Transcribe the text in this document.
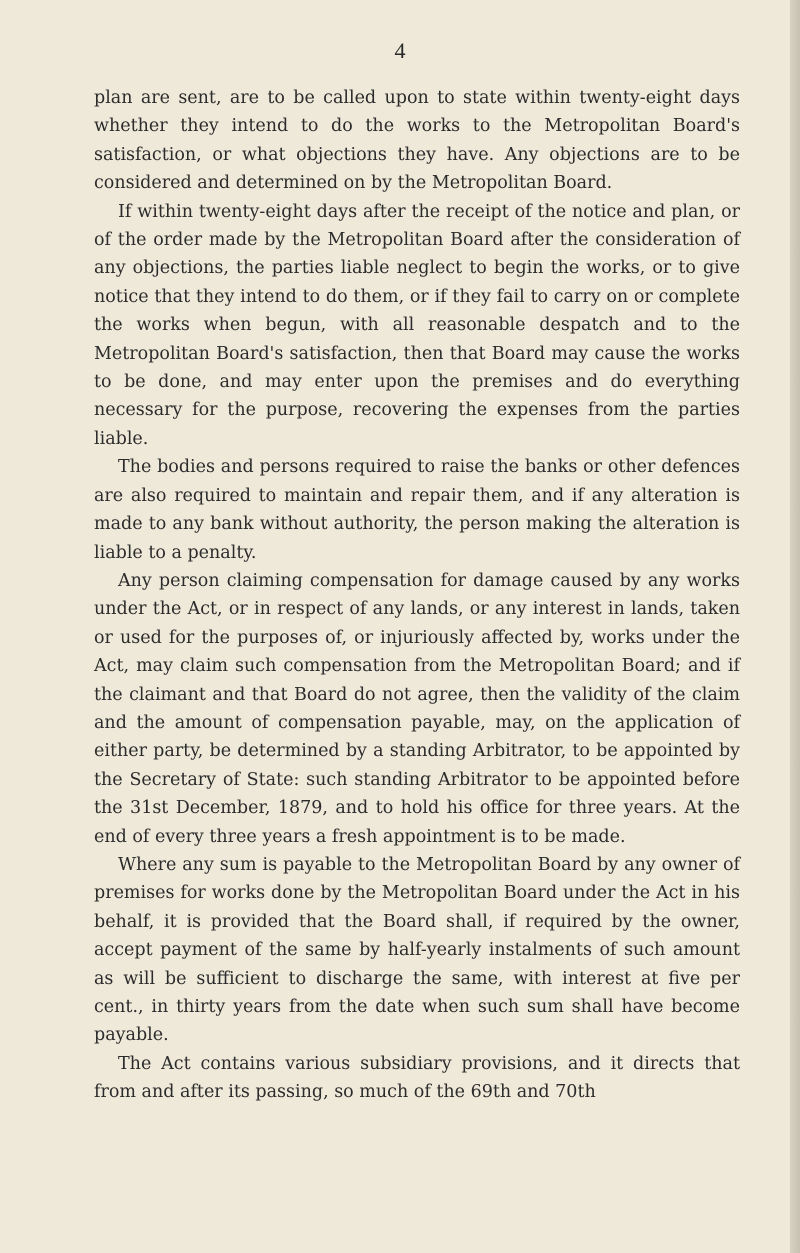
4

plan are sent, are to be called upon to state within twenty-eight days whether they intend to do the works to the Metropolitan Board's satisfaction, or what objections they have. Any objections are to be considered and determined on by the Metropolitan Board.

If within twenty-eight days after the receipt of the notice and plan, or of the order made by the Metropolitan Board after the consideration of any objections, the parties liable neglect to begin the works, or to give notice that they intend to do them, or if they fail to carry on or complete the works when begun, with all reasonable despatch and to the Metropolitan Board's satisfaction, then that Board may cause the works to be done, and may enter upon the premises and do everything necessary for the purpose, recovering the expenses from the parties liable.

The bodies and persons required to raise the banks or other defences are also required to maintain and repair them, and if any alteration is made to any bank without authority, the person making the alteration is liable to a penalty.

Any person claiming compensation for damage caused by any works under the Act, or in respect of any lands, or any interest in lands, taken or used for the purposes of, or injuriously affected by, works under the Act, may claim such compensation from the Metropolitan Board; and if the claimant and that Board do not agree, then the validity of the claim and the amount of compensation payable, may, on the application of either party, be determined by a standing Arbitrator, to be appointed by the Secretary of State: such standing Arbitrator to be appointed before the 31st December, 1879, and to hold his office for three years. At the end of every three years a fresh appointment is to be made.

Where any sum is payable to the Metropolitan Board by any owner of premises for works done by the Metropolitan Board under the Act in his behalf, it is provided that the Board shall, if required by the owner, accept payment of the same by half-yearly instalments of such amount as will be sufficient to discharge the same, with interest at five per cent., in thirty years from the date when such sum shall have become payable.

The Act contains various subsidiary provisions, and it directs that from and after its passing, so much of the 69th and 70th
